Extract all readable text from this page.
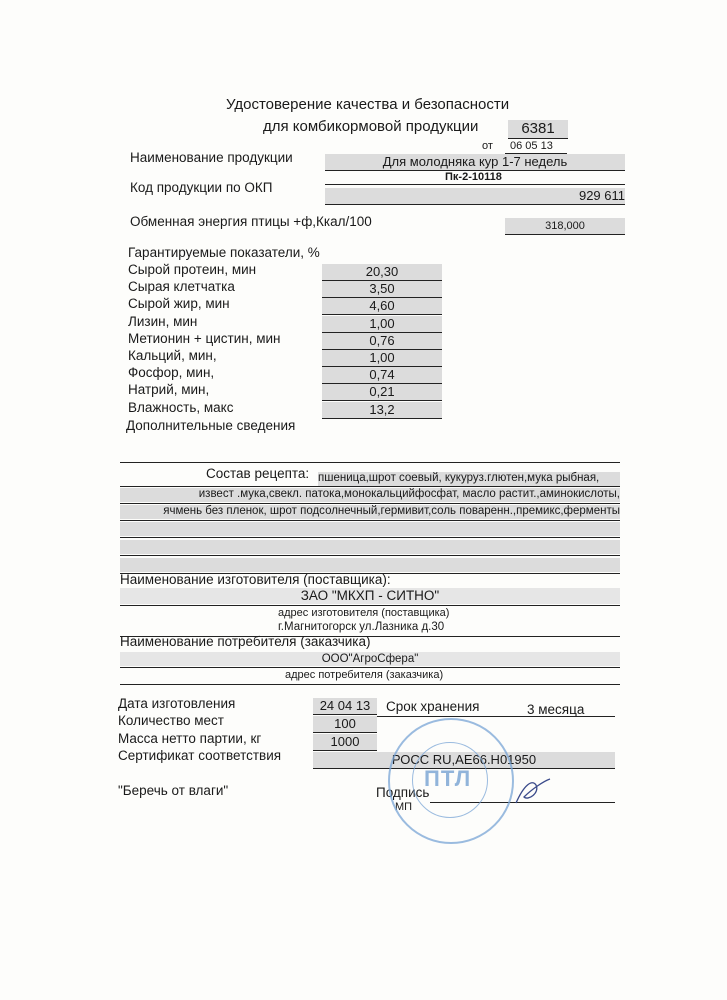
Удостоверение качества и безопасности
для комбикормовой продукции	6381
от 06 05 13
Наименование продукции	Для молодняка кур 1-7 недель
Пк-2-10118
Код продукции по ОКП
929 611
Обменная энергия птицы +ф,Ккал/100	318,000
Гарантируемые показатели, %
Сырой протеин, мин	20,30
Сырая клетчатка	3,50
Сырой жир, мин	4,60
Лизин, мин	1,00
Метионин + цистин, мин	0,76
Кальций, мин,	1,00
Фосфор, мин,	0,74
Натрий, мин,	0,21
Влажность, макс	13,2
Дополнительные сведения
Состав рецепта: пшеница,шрот соевый, кукуруз.глютен,мука рыбная,
извест .мука,свекл. патока,монокальцийфосфат, масло растит.,аминокислоты,
ячмень без пленок, шрот подсолнечный,гермивит,соль поваренн.,премикс,ферменты
Наименование изготовителя (поставщика):
ЗАО "МКХП - СИТНО"
адрес изготовителя (поставщика)
г.Магнитогорск ул.Лазника д.30
Наименование потребителя (заказчика)
ООО"АгроСфера"
адрес потребителя (заказчика)
Дата изготовления	24 04 13	Срок хранения	3 месяца
Количество мест	100
Масса нетто партии, кг	1000
Сертификат соответствия	РОСС RU,АЕ66.Н01950
"Беречь от влаги"	Подпись
МП
ПТЛ
